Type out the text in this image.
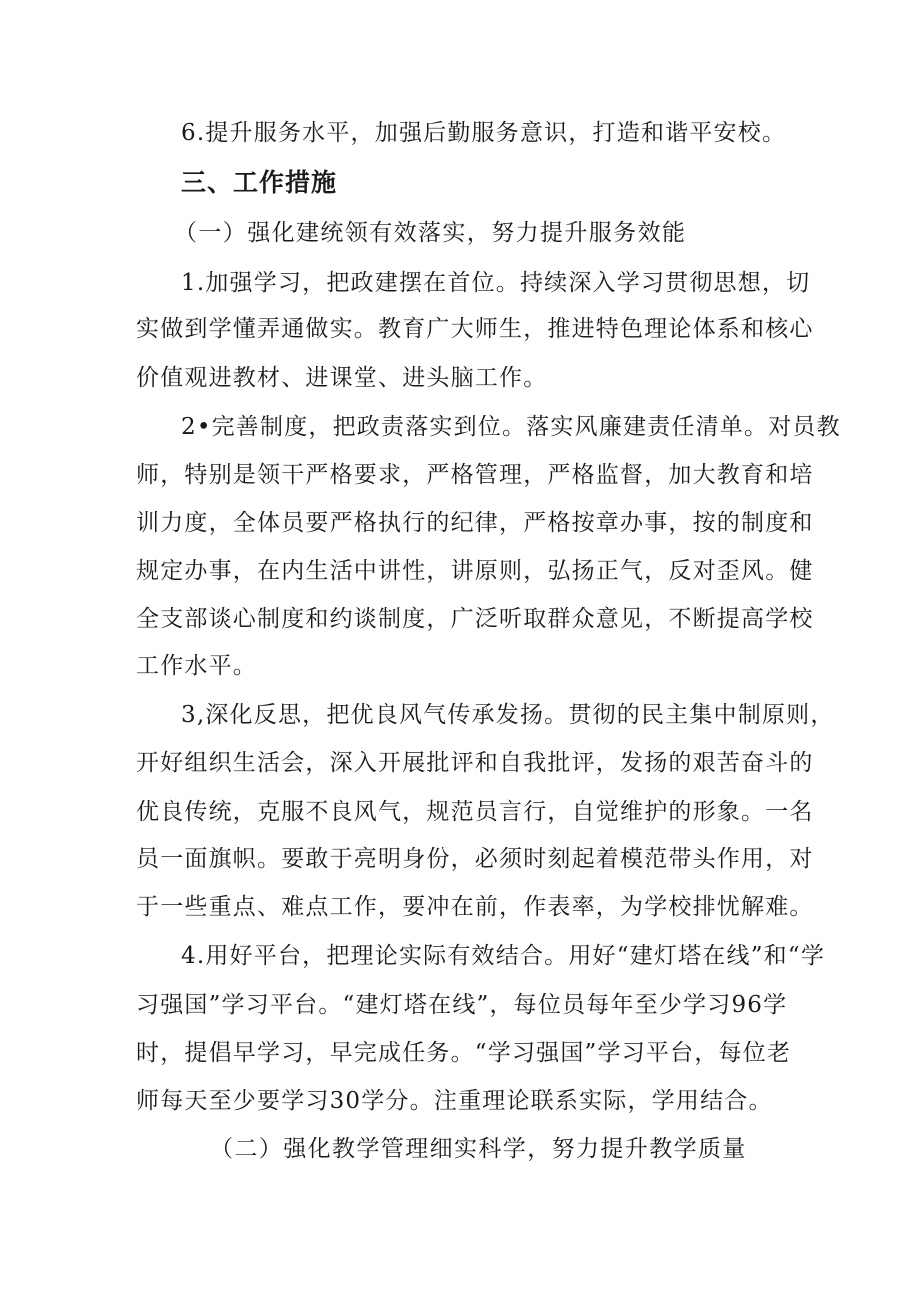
6.提升服务水平，加强后勤服务意识，打造和谐平安校。
三、工作措施
（一）强化建统领有效落实，努力提升服务效能
1.加强学习，把政建摆在首位。持续深入学习贯彻思想，切
实做到学懂弄通做实。教育广大师生，推进特色理论体系和核心
价值观进教材、进课堂、进头脑工作。
2•完善制度，把政责落实到位。落实风廉建责任清单。对员教
师，特别是领干严格要求，严格管理，严格监督，加大教育和培
训力度，全体员要严格执行的纪律，严格按章办事，按的制度和
规定办事，在内生活中讲性，讲原则，弘扬正气，反对歪风。健
全支部谈心制度和约谈制度，广泛听取群众意见，不断提高学校
工作水平。
3,深化反思，把优良风气传承发扬。贯彻的民主集中制原则，
开好组织生活会，深入开展批评和自我批评，发扬的艰苦奋斗的
优良传统，克服不良风气，规范员言行，自觉维护的形象。一名
员一面旗帜。要敢于亮明身份，必须时刻起着模范带头作用，对
于一些重点、难点工作，要冲在前，作表率，为学校排忧解难。
4.用好平台，把理论实际有效结合。用好“建灯塔在线”和“学
习强国”学习平台。“建灯塔在线”，每位员每年至少学习96学
时，提倡早学习，早完成任务。“学习强国”学习平台，每位老
师每天至少要学习30学分。注重理论联系实际，学用结合。
（二）强化教学管理细实科学，努力提升教学质量
